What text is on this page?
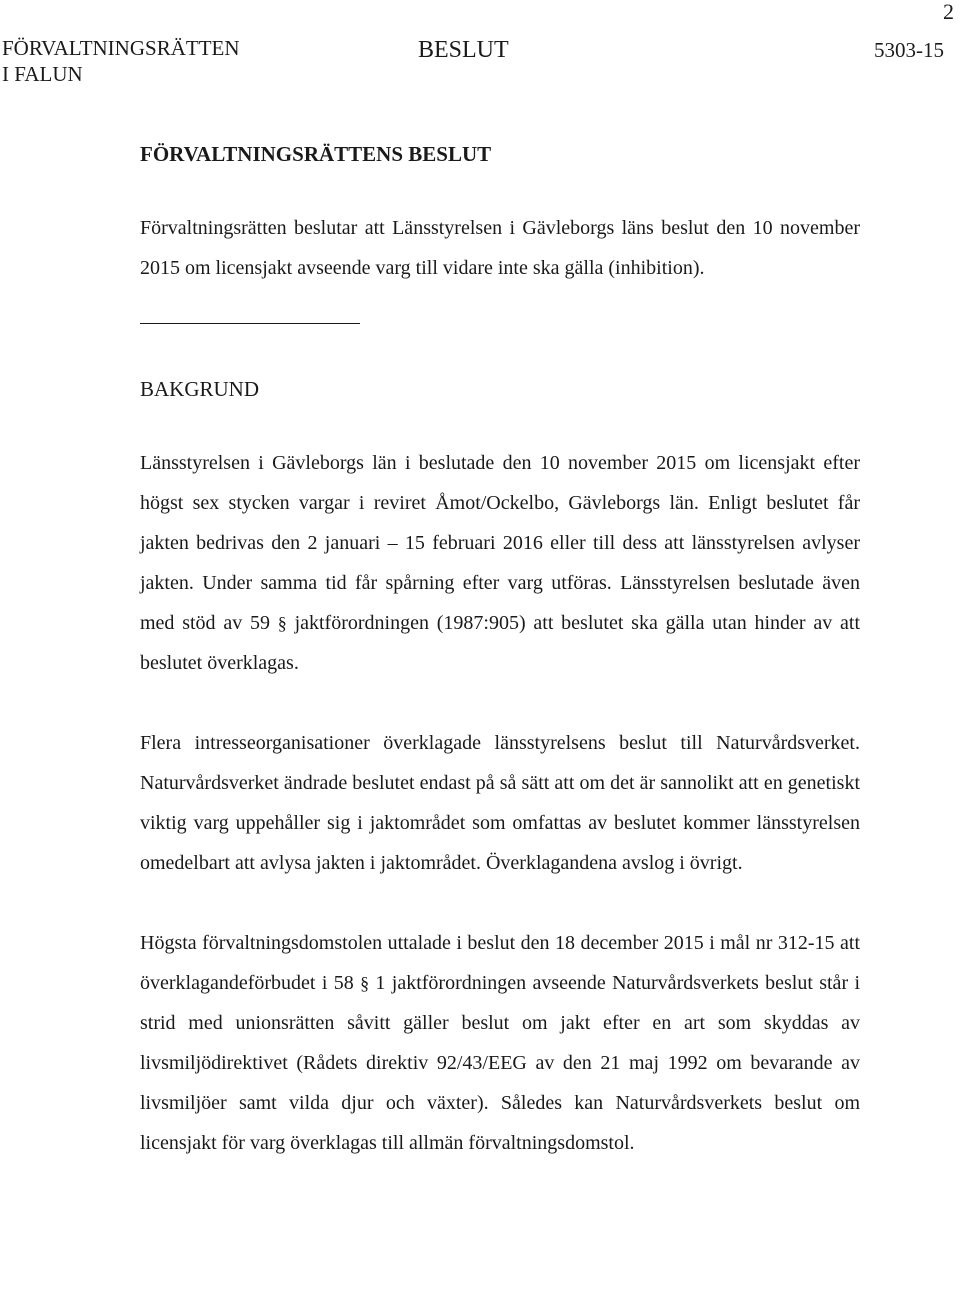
2
FÖRVALTNINGSRÄTTEN
I FALUN
BESLUT	5303-15
FÖRVALTNINGSRÄTTENS BESLUT

Förvaltningsrätten beslutar att Länsstyrelsen i Gävleborgs läns beslut den 10 november 2015 om licensjakt avseende varg till vidare inte ska gälla (inhibition).

BAKGRUND

Länsstyrelsen i Gävleborgs län i beslutade den 10 november 2015 om licensjakt efter högst sex stycken vargar i reviret Åmot/Ockelbo, Gävleborgs län. Enligt beslutet får jakten bedrivas den 2 januari – 15 februari 2016 eller till dess att länsstyrelsen avlyser jakten. Under samma tid får spårning efter varg utföras. Länsstyrelsen beslutade även med stöd av 59 § jaktförordningen (1987:905) att beslutet ska gälla utan hinder av att beslutet överklagas.

Flera intresseorganisationer överklagade länsstyrelsens beslut till Naturvårdsverket. Naturvårdsverket ändrade beslutet endast på så sätt att om det är sannolikt att en genetiskt viktig varg uppehåller sig i jaktområdet som omfattas av beslutet kommer länsstyrelsen omedelbart att avlysa jakten i jaktområdet. Överklagandena avslog i övrigt.

Högsta förvaltningsdomstolen uttalade i beslut den 18 december 2015 i mål nr 312-15 att överklagandeförbudet i 58 § 1 jaktförordningen avseende Naturvårdsverkets beslut står i strid med unionsrätten såvitt gäller beslut om jakt efter en art som skyddas av livsmiljödirektivet (Rådets direktiv 92/43/EEG av den 21 maj 1992 om bevarande av livsmiljöer samt vilda djur och växter). Således kan Naturvårdsverkets beslut om licensjakt för varg överklagas till allmän förvaltningsdomstol.
